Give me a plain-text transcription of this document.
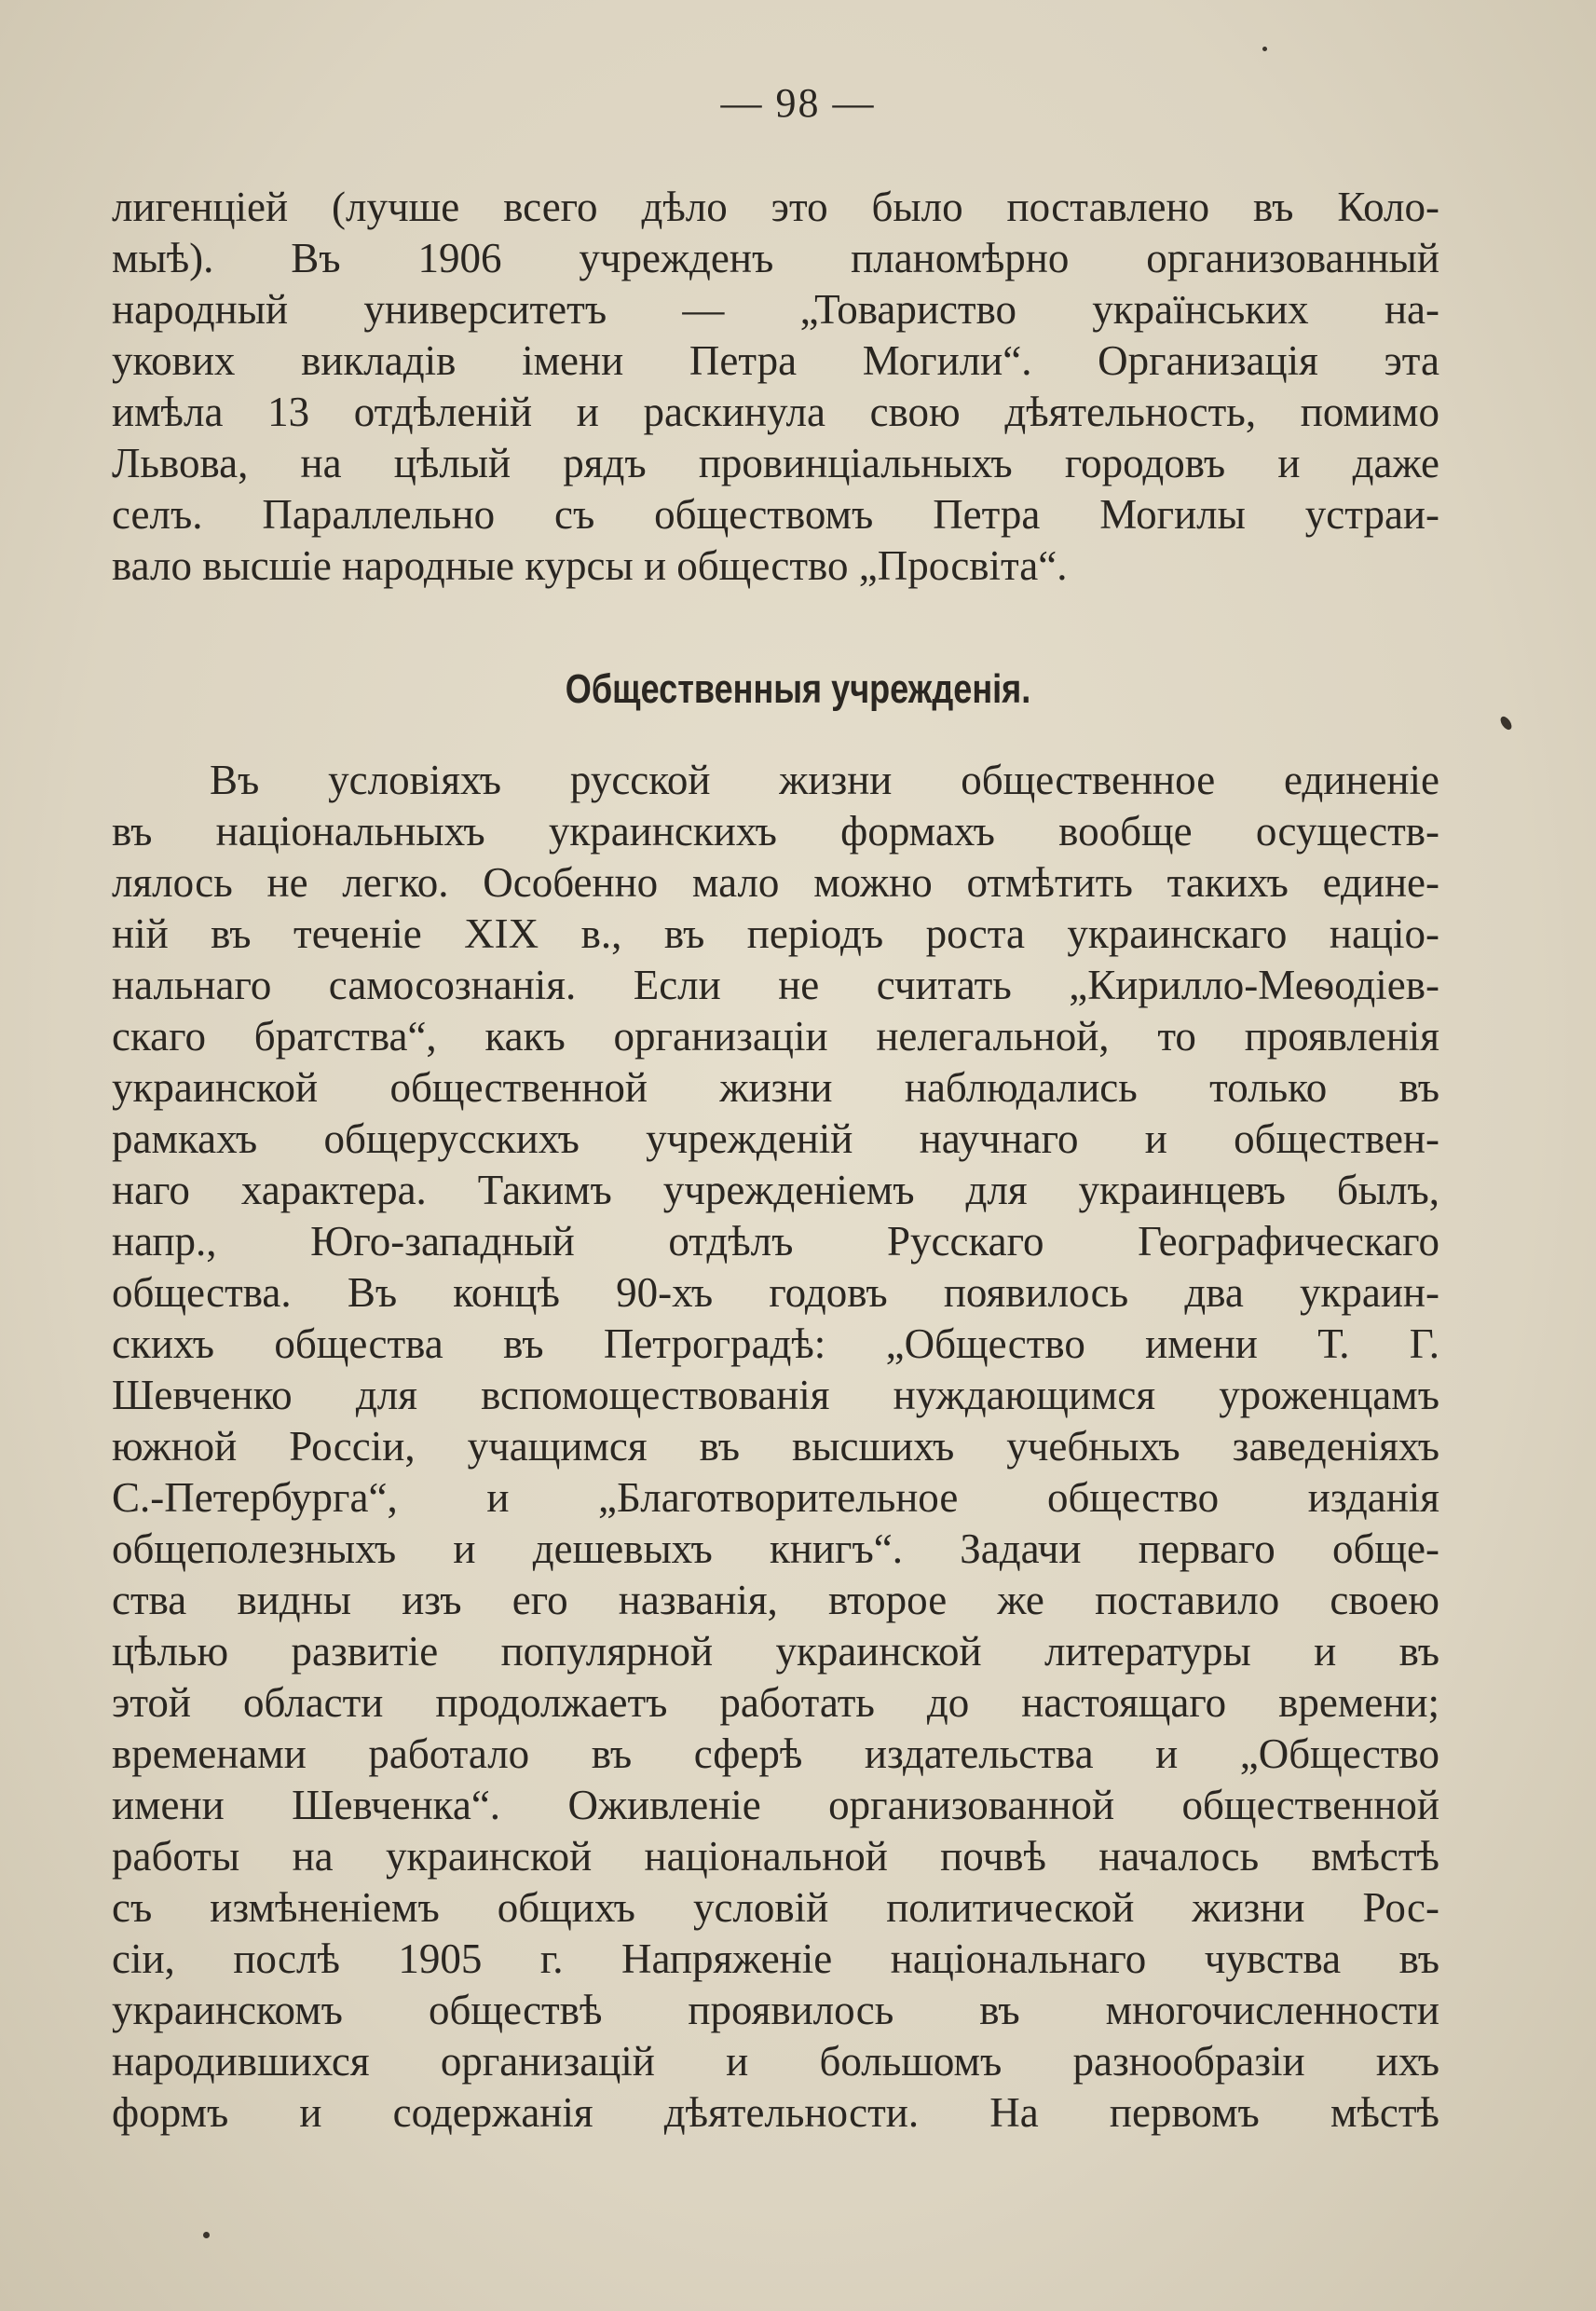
— 98 —
лигенціей (лучше всего дѣло это было поставлено въ Коло-
мыѣ). Въ 1906 учрежденъ планомѣрно организованный
народный университетъ — „Товариство українських на-
укових викладів імени Петра Могили“. Организація эта
имѣла 13 отдѣленій и раскинула свою дѣятельность, помимо
Львова, на цѣлый рядъ провинціальныхъ городовъ и даже
селъ. Параллельно съ обществомъ Петра Могилы устраи-
вало высшіе народные курсы и общество „Просвіта“.
Общественныя учрежденія.
Въ условіяхъ русской жизни общественное единеніе
въ національныхъ украинскихъ формахъ вообще осуществ-
лялось не легко. Особенно мало можно отмѣтить такихъ едине-
ній въ теченіе XIX в., въ періодъ роста украинскаго націо-
нальнаго самосознанія. Если не считать „Кирилло-Меѳодіев-
скаго братства“, какъ организаціи нелегальной, то проявленія
украинской общественной жизни наблюдались только въ
рамкахъ общерусскихъ учрежденій научнаго и обществен-
наго характера. Такимъ учрежденіемъ для украинцевъ былъ,
напр., Юго-западный отдѣлъ Русскаго Географическаго
общества. Въ концѣ 90-хъ годовъ появилось два украин-
скихъ общества въ Петроградѣ: „Общество имени Т. Г.
Шевченко для вспомоществованія нуждающимся уроженцамъ
южной Россіи, учащимся въ высшихъ учебныхъ заведеніяхъ
С.-Петербурга“, и „Благотворительное общество изданія
общеполезныхъ и дешевыхъ книгъ“. Задачи перваго обще-
ства видны изъ его названія, второе же поставило своею
цѣлью развитіе популярной украинской литературы и въ
этой области продолжаетъ работать до настоящаго времени;
временами работало въ сферѣ издательства и „Общество
имени Шевченка“. Оживленіе организованной общественной
работы на украинской національной почвѣ началось вмѣстѣ
съ измѣненіемъ общихъ условій политической жизни Рос-
сіи, послѣ 1905 г. Напряженіе національнаго чувства въ
украинскомъ обществѣ проявилось въ многочисленности
народившихся организацій и большомъ разнообразіи ихъ
формъ и содержанія дѣятельности. На первомъ мѣстѣ
